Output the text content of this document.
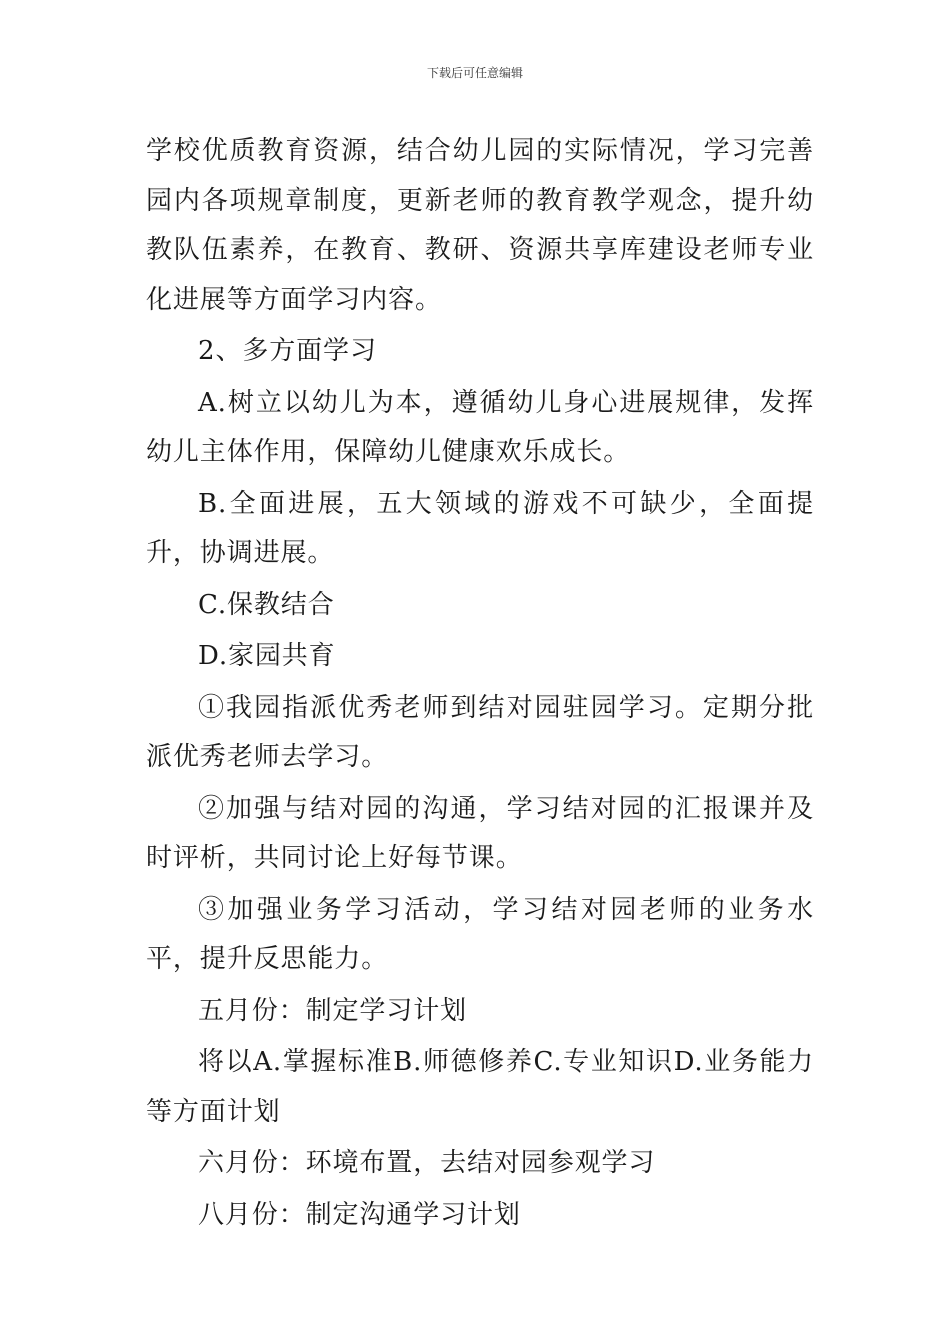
下载后可任意编辑

学校优质教育资源，结合幼儿园的实际情况，学习完善园内各项规章制度，更新老师的教育教学观念，提升幼教队伍素养，在教育、教研、资源共享库建设老师专业化进展等方面学习内容。

2、多方面学习

A.树立以幼儿为本，遵循幼儿身心进展规律，发挥幼儿主体作用，保障幼儿健康欢乐成长。

B.全面进展，五大领域的游戏不可缺少，全面提升，协调进展。

C.保教结合

D.家园共育

①我园指派优秀老师到结对园驻园学习。定期分批派优秀老师去学习。

②加强与结对园的沟通，学习结对园的汇报课并及时评析，共同讨论上好每节课。

③加强业务学习活动，学习结对园老师的业务水平，提升反思能力。

五月份：制定学习计划

将以A.掌握标准B.师德修养C.专业知识D.业务能力等方面计划

六月份：环境布置，去结对园参观学习

八月份：制定沟通学习计划
